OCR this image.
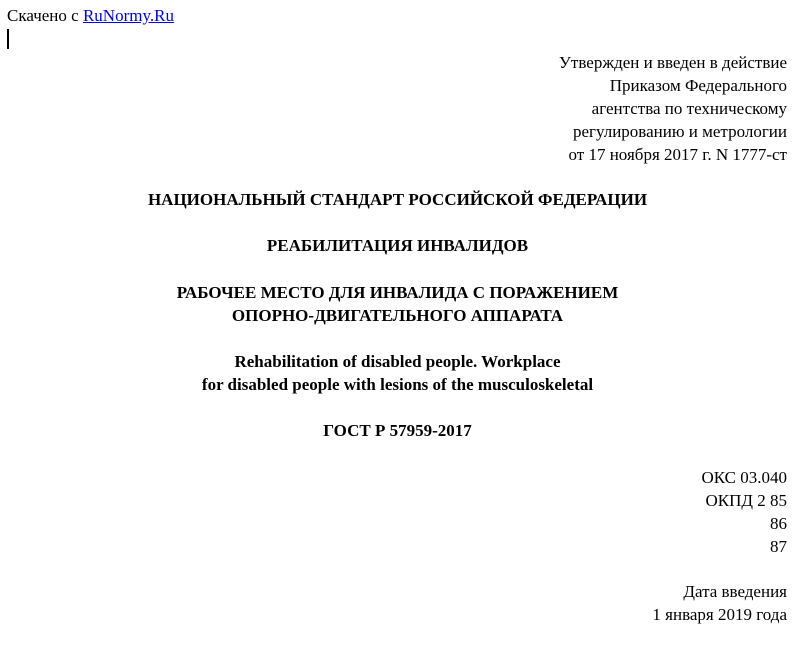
Скачено с RuNormy.Ru
Утвержден и введен в действие
Приказом Федерального
агентства по техническому
регулированию и метрологии
от 17 ноября 2017 г. N 1777-ст
НАЦИОНАЛЬНЫЙ СТАНДАРТ РОССИЙСКОЙ ФЕДЕРАЦИИ
РЕАБИЛИТАЦИЯ ИНВАЛИДОВ
РАБОЧЕЕ МЕСТО ДЛЯ ИНВАЛИДА С ПОРАЖЕНИЕМ
ОПОРНО-ДВИГАТЕЛЬНОГО АППАРАТА
Rehabilitation of disabled people. Workplace
for disabled people with lesions of the musculoskeletal
ГОСТ Р 57959-2017
ОКС 03.040
ОКПД 2 85
86
87
Дата введения
1 января 2019 года
